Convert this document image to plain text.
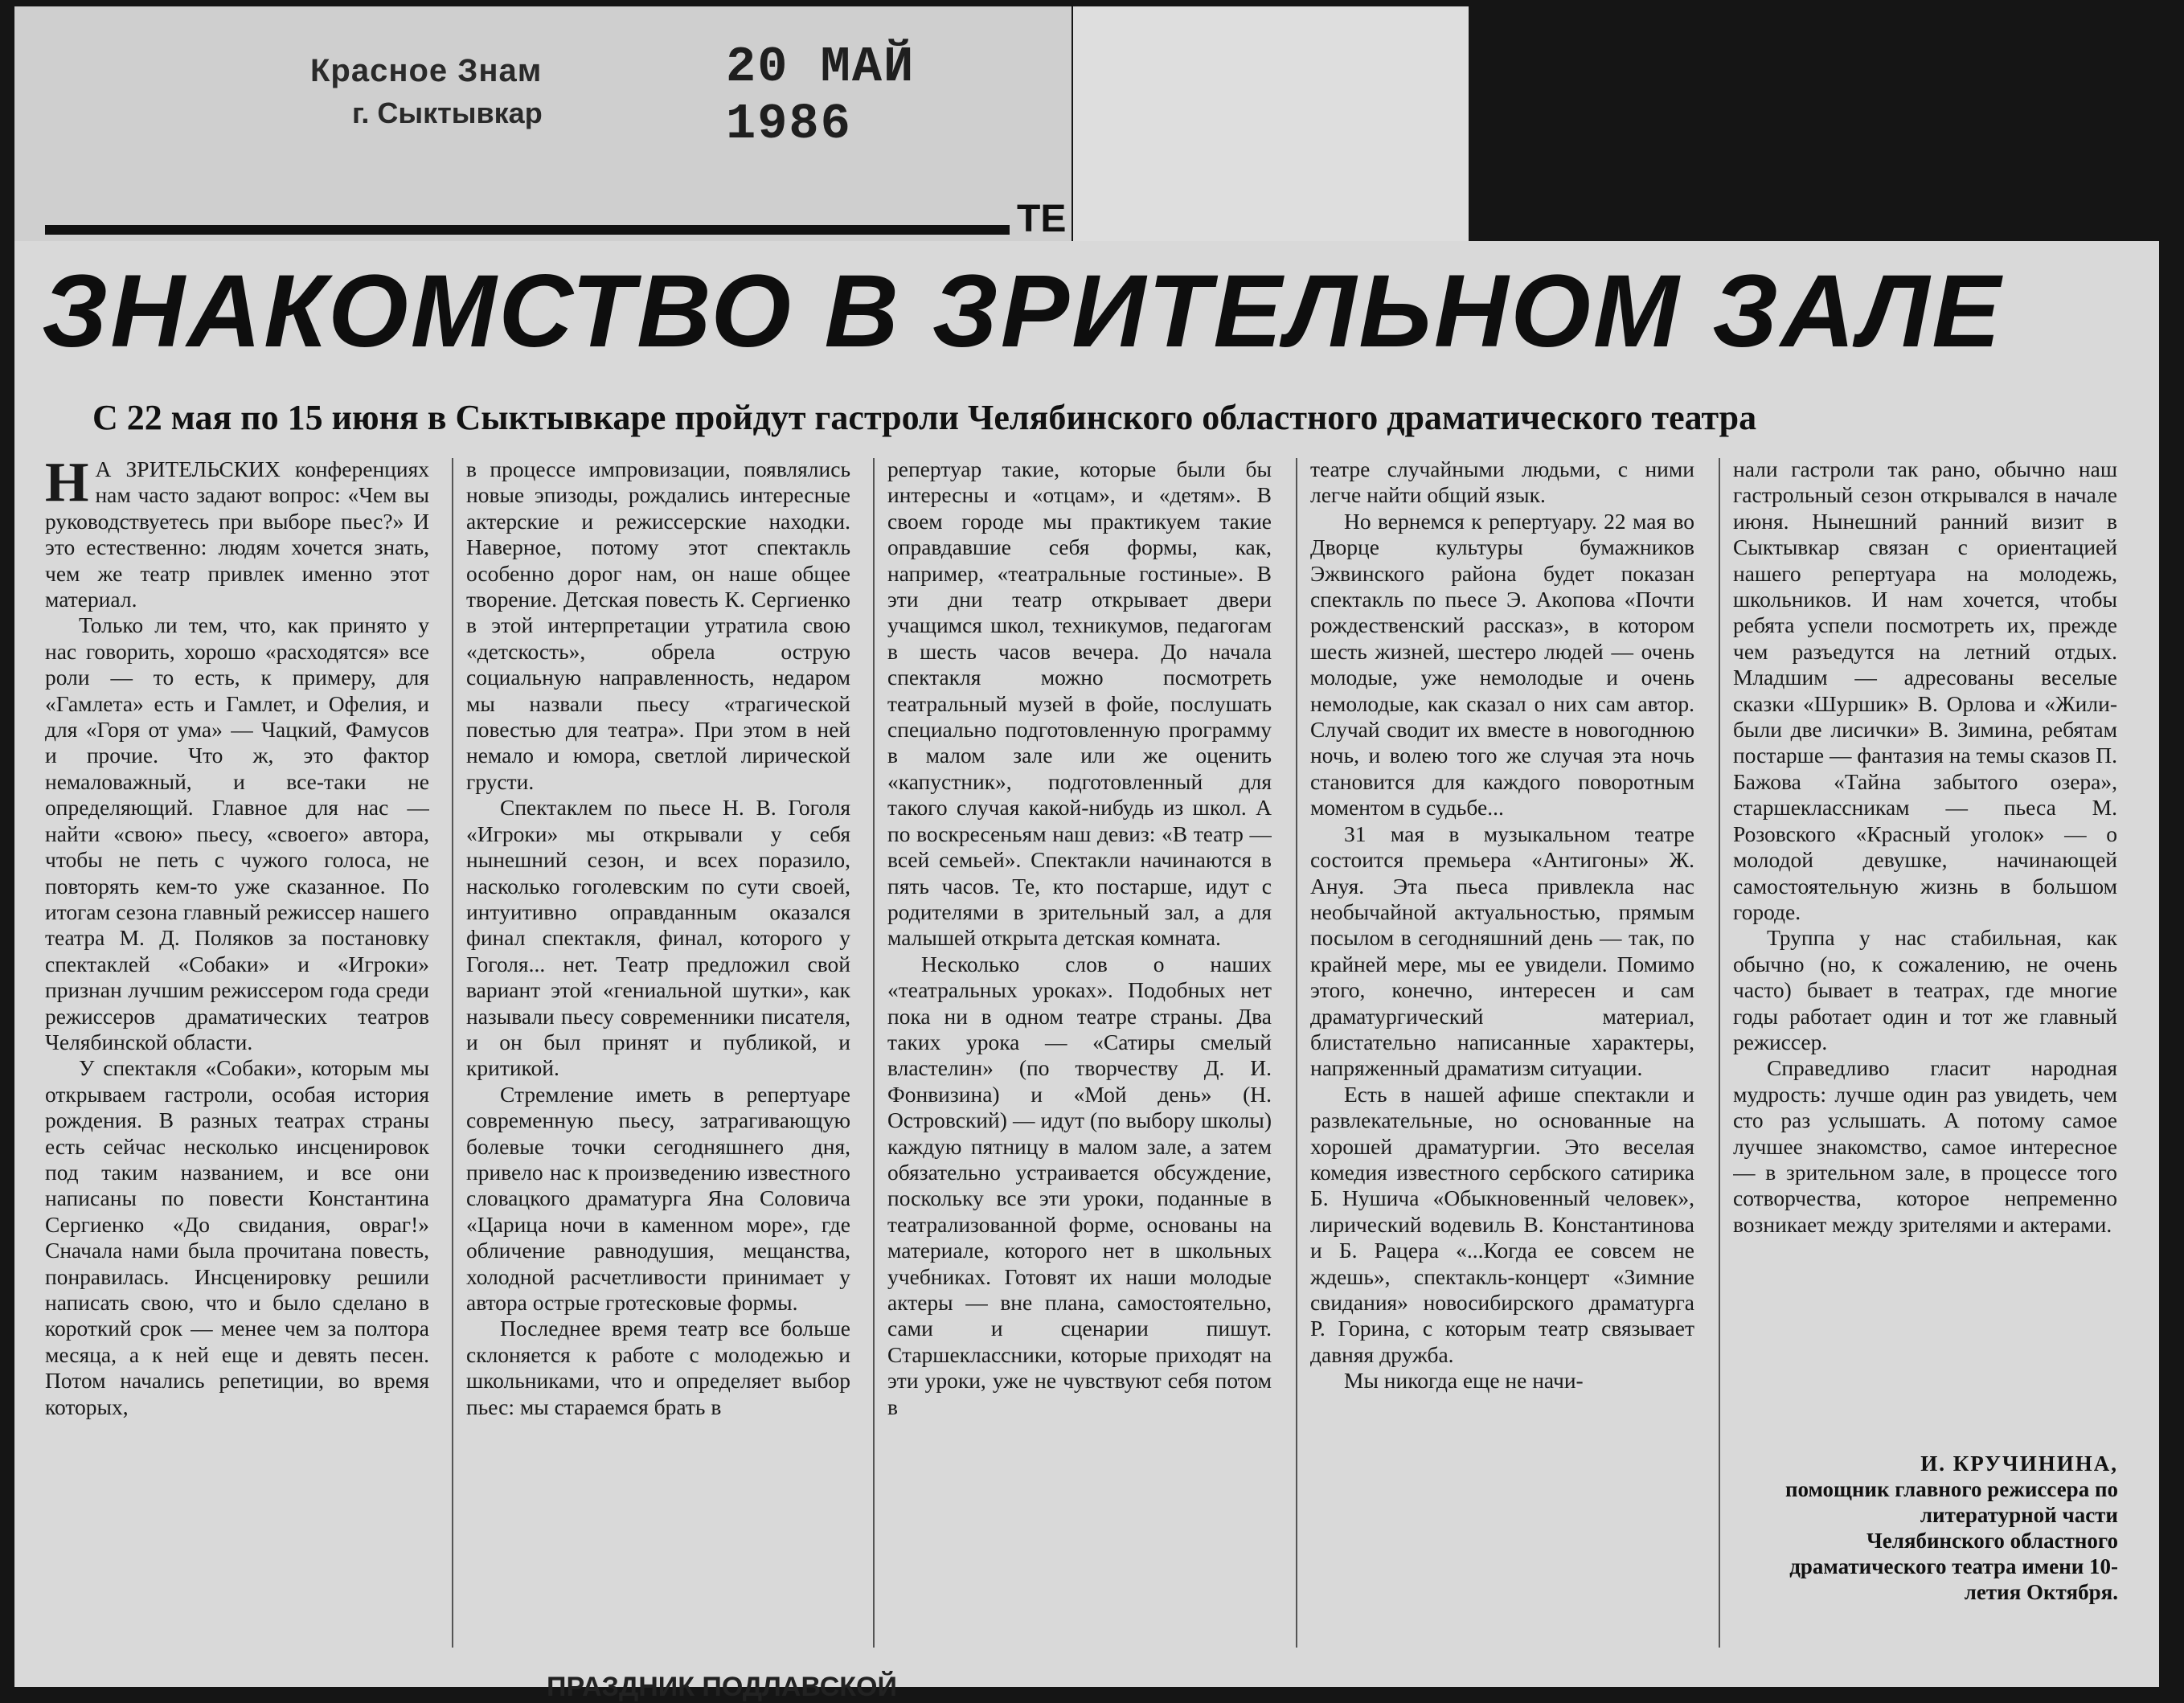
Красное Знам
г. Сыктывкар
20 МАЙ 1986
ТЕ
ЗНАКОМСТВО В ЗРИТЕЛЬНОМ ЗАЛЕ
С 22 мая по 15 июня в Сыктывкаре пройдут гастроли Челябинского областного драматического театра

Н А ЗРИТЕЛЬСКИХ конференциях нам часто задают вопрос: «Чем вы руководствуетесь при выборе пьес?» И это естественно: людям хочется знать, чем же театр привлек именно этот материал.

Только ли тем, что, как принято у нас говорить, хорошо «расходятся» все роли — то есть, к примеру, для «Гамлета» есть и Гамлет, и Офелия, и для «Горя от ума» — Чацкий, Фамусов и прочие. Что ж, это фактор немаловажный, и все-таки не определяющий. Главное для нас — найти «свою» пьесу, «своего» автора, чтобы не петь с чужого голоса, не повторять кем-то уже сказанное. По итогам сезона главный режиссер нашего театра М. Д. Поляков за постановку спектаклей «Собаки» и «Игроки» признан лучшим режиссером года среди режиссеров драматических театров Челябинской области.

У спектакля «Собаки», которым мы открываем гастроли, особая история рождения. В разных театрах страны есть сейчас несколько инсценировок под таким названием, и все они написаны по повести Константина Сергиенко «До свидания, овраг!» Сначала нами была прочитана повесть, понравилась. Инсценировку решили написать свою, что и было сделано в короткий срок — менее чем за полтора месяца, а к ней еще и девять песен. Потом начались репетиции, во время которых,

в процессе импровизации, появлялись новые эпизоды, рождались интересные актерские и режиссерские находки. Наверное, потому этот спектакль особенно дорог нам, он наше общее творение. Детская повесть К. Сергиенко в этой интерпретации утратила свою «детскость», обрела острую социальную направленность, недаром мы назвали пьесу «трагической повестью для театра». При этом в ней немало и юмора, светлой лирической грусти.

Спектаклем по пьесе Н. В. Гоголя «Игроки» мы открывали у себя нынешний сезон, и всех поразило, насколько гоголевским по сути своей, интуитивно оправданным оказался финал спектакля, финал, которого у Гоголя... нет. Театр предложил свой вариант этой «гениальной шутки», как называли пьесу современники писателя, и он был принят и публикой, и критикой.

Стремление иметь в репертуаре современную пьесу, затрагивающую болевые точки сегодняшнего дня, привело нас к произведению известного словацкого драматурга Яна Соловича «Царица ночи в каменном море», где обличение равнодушия, мещанства, холодной расчетливости принимает у автора острые гротесковые формы.

Последнее время театр все больше склоняется к работе с молодежью и школьниками, что и определяет выбор пьес: мы стараемся брать в

репертуар такие, которые были бы интересны и «отцам», и «детям». В своем городе мы практикуем такие оправдавшие себя формы, как, например, «театральные гостиные». В эти дни театр открывает двери учащимся школ, техникумов, педагогам в шесть часов вечера. До начала спектакля можно посмотреть театральный музей в фойе, послушать специально подготовленную программу в малом зале или же оценить «капустник», подготовленный для такого случая какой-нибудь из школ. А по воскресеньям наш девиз: «В театр — всей семьей». Спектакли начинаются в пять часов. Те, кто постарше, идут с родителями в зрительный зал, а для малышей открыта детская комната.

Несколько слов о наших «театральных уроках». Подобных нет пока ни в одном театре страны. Два таких урока — «Сатиры смелый властелин» (по творчеству Д. И. Фонвизина) и «Мой день» (Н. Островский) — идут (по выбору школы) каждую пятницу в малом зале, а затем обязательно устраивается обсуждение, поскольку все эти уроки, поданные в театрализованной форме, основаны на материале, которого нет в школьных учебниках. Готовят их наши молодые актеры — вне плана, самостоятельно, сами и сценарии пишут. Старшеклассники, которые приходят на эти уроки, уже не чувствуют себя потом в

театре случайными людьми, с ними легче найти общий язык.

Но вернемся к репертуару. 22 мая во Дворце культуры бумажников Эжвинского района будет показан спектакль по пьесе Э. Акопова «Почти рождественский рассказ», в котором шесть жизней, шестеро людей — очень молодые, уже немолодые и очень немолодые, как сказал о них сам автор. Случай сводит их вместе в новогоднюю ночь, и волею того же случая эта ночь становится для каждого поворотным моментом в судьбе...

31 мая в музыкальном театре состоится премьера «Антигоны» Ж. Ануя. Эта пьеса привлекла нас необычайной актуальностью, прямым посылом в сегодняшний день — так, по крайней мере, мы ее увидели. Помимо этого, конечно, интересен и сам драматургический материал, блистательно написанные характеры, напряженный драматизм ситуации.

Есть в нашей афише спектакли и развлекательные, но основанные на хорошей драматургии. Это веселая комедия известного сербского сатирика Б. Нушича «Обыкновенный человек», лирический водевиль В. Константинова и Б. Рацера «...Когда ее совсем не ждешь», спектакль-концерт «Зимние свидания» новосибирского драматурга Р. Горина, с которым театр связывает давняя дружба.

Мы никогда еще не начи-

нали гастроли так рано, обычно наш гастрольный сезон открывался в начале июня. Нынешний ранний визит в Сыктывкар связан с ориентацией нашего репертуара на молодежь, школьников. И нам хочется, чтобы ребята успели посмотреть их, прежде чем разъедутся на летний отдых. Младшим — адресованы веселые сказки «Шуршик» В. Орлова и «Жили-были две лисички» В. Зимина, ребятам постарше — фантазия на темы сказов П. Бажова «Тайна забытого озера», старшеклассникам — пьеса М. Розовского «Красный уголок» — о молодой девушке, начинающей самостоятельную жизнь в большом городе.

Труппа у нас стабильная, как обычно (но, к сожалению, не очень часто) бывает в театрах, где многие годы работает один и тот же главный режиссер.

Справедливо гласит народная мудрость: лучше один раз увидеть, чем сто раз услышать. А потому самое лучшее знакомство, самое интересное — в зрительном зале, в процессе того сотворчества, которое непременно возникает между зрителями и актерами.

И. КРУЧИНИНА,
помощник главного режиссера по литературной части Челябинского областного драматического театра имени 10-летия Октября.
ПРАЗДНИК ПОДЛАВСКОЙ
